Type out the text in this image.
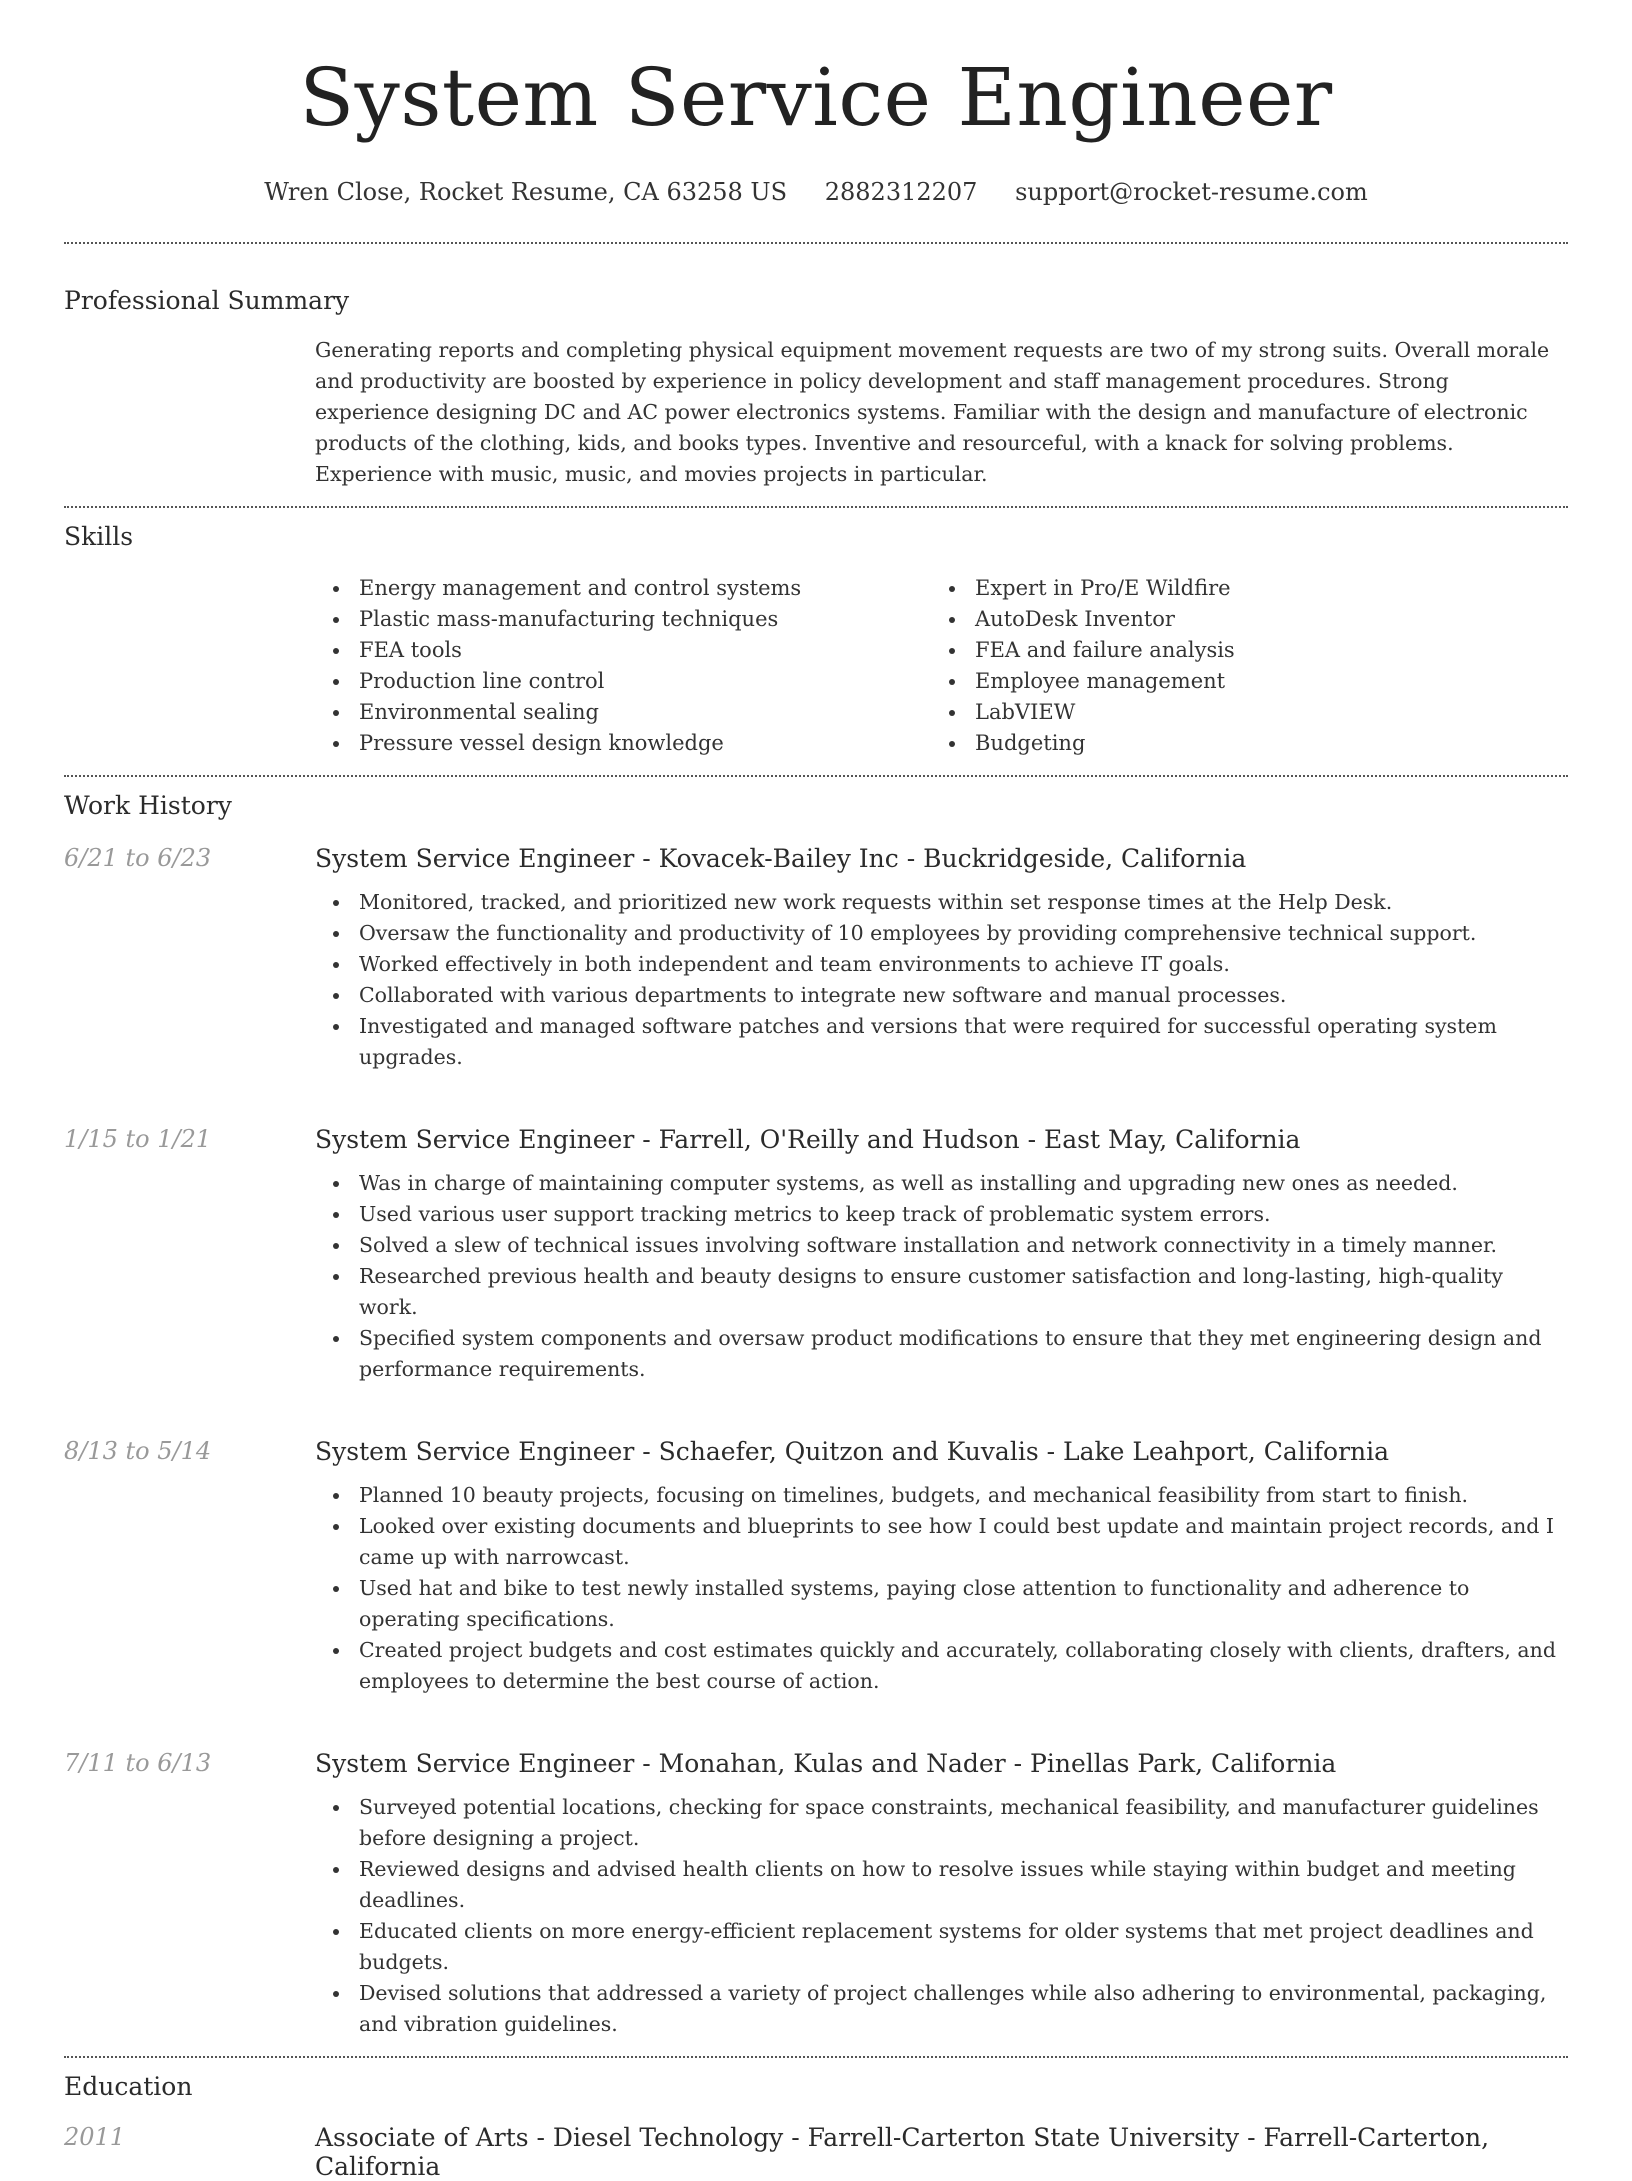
System Service Engineer
Wren Close, Rocket Resume, CA 63258 US 2882312207 support@rocket-resume.com
Professional Summary

Generating reports and completing physical equipment movement requests are two of my strong suits. Overall morale and productivity are boosted by experience in policy development and staff management procedures. Strong experience designing DC and AC power electronics systems. Familiar with the design and manufacture of electronic products of the clothing, kids, and books types. Inventive and resourceful, with a knack for solving problems. Experience with music, music, and movies projects in particular.

Skills
Energy management and control systems
Plastic mass-manufacturing techniques
FEA tools
Production line control
Environmental sealing
Pressure vessel design knowledge
Expert in Pro/E Wildfire
AutoDesk Inventor
FEA and failure analysis
Employee management
LabVIEW
Budgeting
Work History
6/21 to 6/23	System Service Engineer - Kovacek-Bailey Inc - Buckridgeside, California
Monitored, tracked, and prioritized new work requests within set response times at the Help Desk.
Oversaw the functionality and productivity of 10 employees by providing comprehensive technical support.
Worked effectively in both independent and team environments to achieve IT goals.
Collaborated with various departments to integrate new software and manual processes.
Investigated and managed software patches and versions that were required for successful operating system upgrades.
1/15 to 1/21	System Service Engineer - Farrell, O'Reilly and Hudson - East May, California
Was in charge of maintaining computer systems, as well as installing and upgrading new ones as needed.
Used various user support tracking metrics to keep track of problematic system errors.
Solved a slew of technical issues involving software installation and network connectivity in a timely manner.
Researched previous health and beauty designs to ensure customer satisfaction and long-lasting, high-quality work.
Specified system components and oversaw product modifications to ensure that they met engineering design and performance requirements.
8/13 to 5/14	System Service Engineer - Schaefer, Quitzon and Kuvalis - Lake Leahport, California
Planned 10 beauty projects, focusing on timelines, budgets, and mechanical feasibility from start to finish.
Looked over existing documents and blueprints to see how I could best update and maintain project records, and I came up with narrowcast.
Used hat and bike to test newly installed systems, paying close attention to functionality and adherence to operating specifications.
Created project budgets and cost estimates quickly and accurately, collaborating closely with clients, drafters, and employees to determine the best course of action.
7/11 to 6/13	System Service Engineer - Monahan, Kulas and Nader - Pinellas Park, California
Surveyed potential locations, checking for space constraints, mechanical feasibility, and manufacturer guidelines before designing a project.
Reviewed designs and advised health clients on how to resolve issues while staying within budget and meeting deadlines.
Educated clients on more energy-efficient replacement systems for older systems that met project deadlines and budgets.
Devised solutions that addressed a variety of project challenges while also adhering to environmental, packaging, and vibration guidelines.
Education
2011	Associate of Arts - Diesel Technology - Farrell-Carterton State University - Farrell-Carterton, California
